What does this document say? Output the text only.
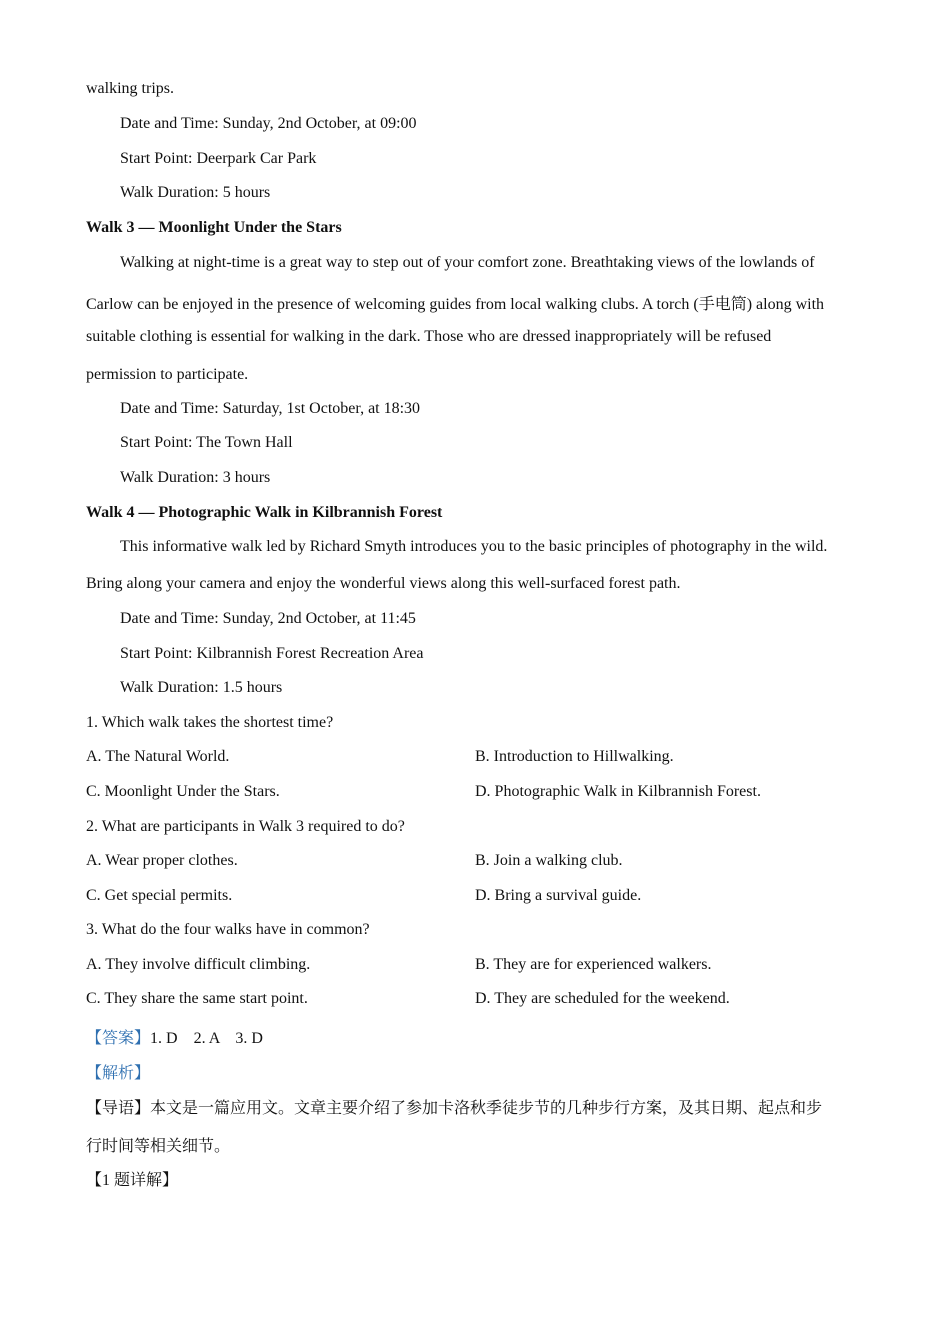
walking trips.
Date and Time: Sunday, 2nd October, at 09:00
Start Point: Deerpark Car Park
Walk Duration: 5 hours
Walk 3 — Moonlight Under the Stars
Walking at night-time is a great way to step out of your comfort zone. Breathtaking views of the lowlands of
Carlow can be enjoyed in the presence of welcoming guides from local walking clubs. A torch (手电筒) along with
suitable clothing is essential for walking in the dark. Those who are dressed inappropriately will be refused
permission to participate.
Date and Time: Saturday, 1st October, at 18:30
Start Point: The Town Hall
Walk Duration: 3 hours
Walk 4 — Photographic Walk in Kilbrannish Forest
This informative walk led by Richard Smyth introduces you to the basic principles of photography in the wild.
Bring along your camera and enjoy the wonderful views along this well-surfaced forest path.
Date and Time: Sunday, 2nd October, at 11:45
Start Point: Kilbrannish Forest Recreation Area
Walk Duration: 1.5 hours
1. Which walk takes the shortest time?
A. The Natural World.	B. Introduction to Hillwalking.
C. Moonlight Under the Stars.	D. Photographic Walk in Kilbrannish Forest.
2. What are participants in Walk 3 required to do?
A. Wear proper clothes.	B. Join a walking club.
C. Get special permits.	D. Bring a survival guide.
3. What do the four walks have in common?
A. They involve difficult climbing.	B. They are for experienced walkers.
C. They share the same start point.	D. They are scheduled for the weekend.
【答案】1. D    2. A    3. D
【解析】
【导语】本文是一篇应用文。文章主要介绍了参加卡洛秋季徒步节的几种步行方案，及其日期、起点和步
行时间等相关细节。
【1 题详解】
